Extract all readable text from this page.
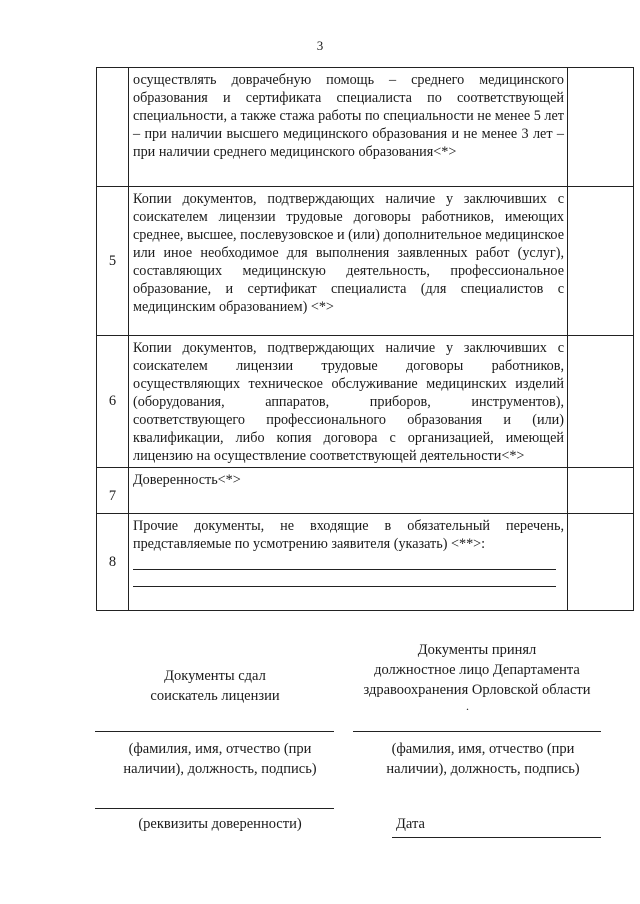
3
	осуществлять доврачебную помощь – среднего медицинского образования и сертификата специалиста по соответствующей специальности, а также стажа работы по специальности не менее 5 лет – при наличии высшего медицинского образования и не менее 3 лет – при наличии среднего медицинского образования<*>	
5	Копии документов, подтверждающих наличие у заключивших с соискателем лицензии трудовые договоры работников, имеющих среднее, высшее, послевузовское и (или) дополнительное медицинское или иное необходимое для выполнения заявленных работ (услуг), составляющих медицинскую деятельность, профессиональное образование, и сертификат специалиста (для специалистов с медицинским образованием) <*>	
6	Копии документов, подтверждающих наличие у заключивших с соискателем лицензии трудовые договоры работников, осуществляющих техническое обслуживание медицинских изделий (оборудования, аппаратов, приборов, инструментов), соответствующего профессионального образования и (или) квалификации, либо копия договора с организацией, имеющей лицензию на осуществление соответствующей деятельности<*>	
7	Доверенность<*>	
8	Прочие документы, не входящие в обязательный перечень, представляемые по усмотрению заявителя (указать) <**>:	

Документы принял
должностное лицо Департамента
здравоохранения Орловской области
.
Документы сдал
соискатель лицензии
(фамилия, имя, отчество (при
наличии), должность, подпись)
(фамилия, имя, отчество (при
наличии), должность, подпись)
(реквизиты доверенности)	Дата
